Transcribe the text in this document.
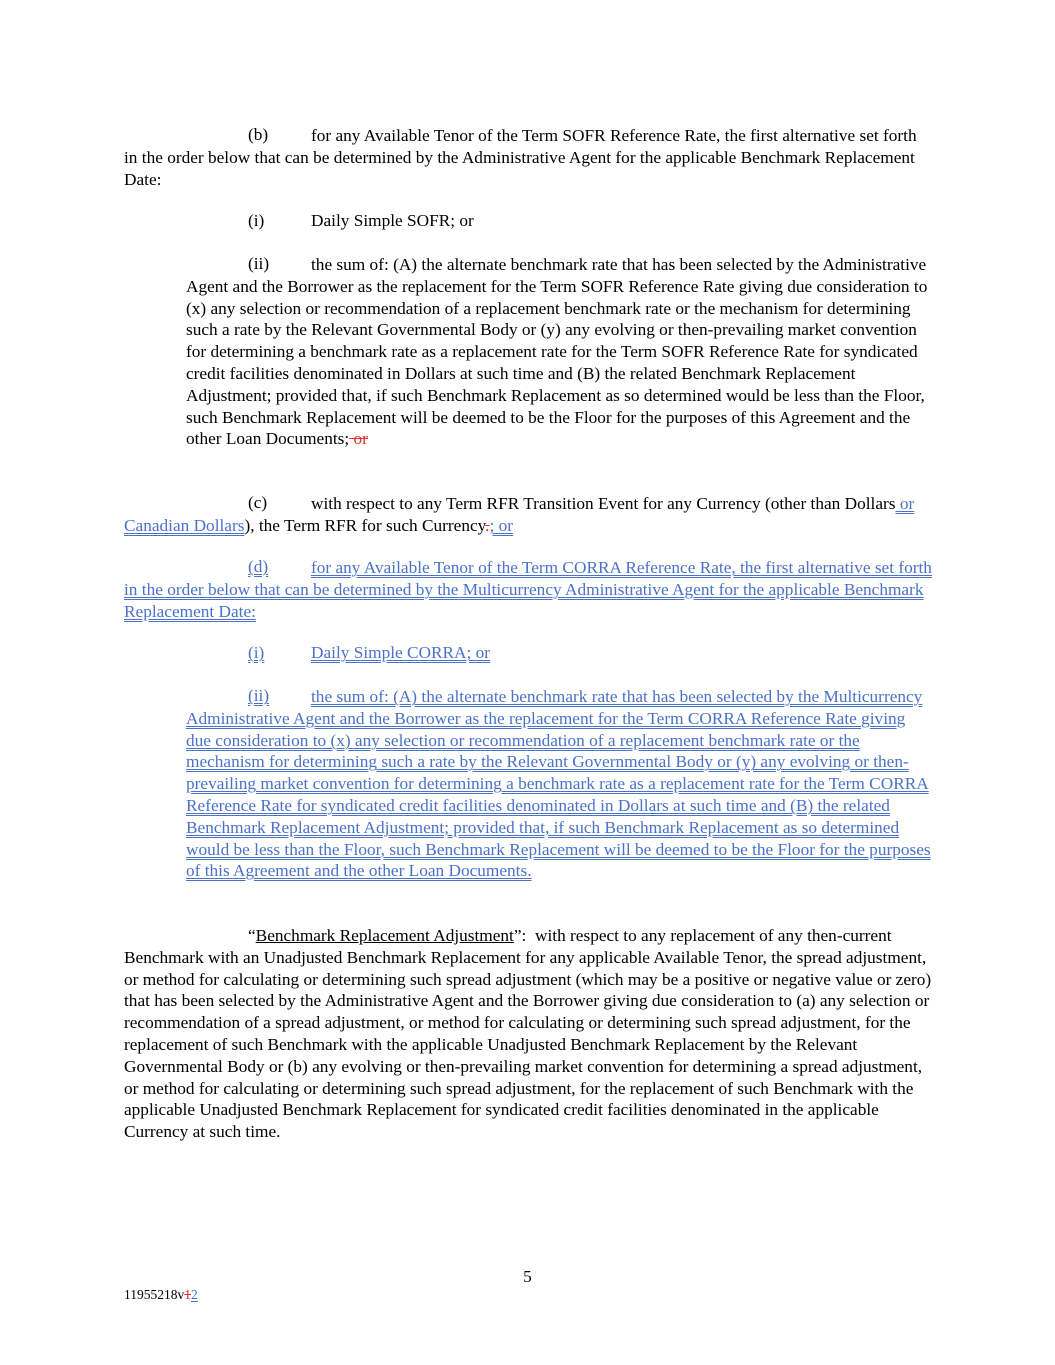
(b)	for any Available Tenor of the Term SOFR Reference Rate, the first alternative set forth in the order below that can be determined by the Administrative Agent for the applicable Benchmark Replacement Date:

(i)	Daily Simple SOFR; or
(ii)	the sum of: (A) the alternate benchmark rate that has been selected by the Administrative Agent and the Borrower as the replacement for the Term SOFR Reference Rate giving due consideration to (x) any selection or recommendation of a replacement benchmark rate or the mechanism for determining such a rate by the Relevant Governmental Body or (y) any evolving or then-prevailing market convention for determining a benchmark rate as a replacement rate for the Term SOFR Reference Rate for syndicated credit facilities denominated in Dollars at such time and (B) the related Benchmark Replacement Adjustment; provided that, if such Benchmark Replacement as so determined would be less than the Floor, such Benchmark Replacement will be deemed to be the Floor for the purposes of this Agreement and the other Loan Documents; or

(c)	with respect to any Term RFR Transition Event for any Currency (other than Dollars or Canadian Dollars), the Term RFR for such Currency.; or

(d)	for any Available Tenor of the Term CORRA Reference Rate, the first alternative set forth in the order below that can be determined by the Multicurrency Administrative Agent for the applicable Benchmark Replacement Date:

(i)	Daily Simple CORRA; or
(ii)	the sum of: (A) the alternate benchmark rate that has been selected by the Multicurrency Administrative Agent and the Borrower as the replacement for the Term CORRA Reference Rate giving due consideration to (x) any selection or recommendation of a replacement benchmark rate or the mechanism for determining such a rate by the Relevant Governmental Body or (y) any evolving or then-prevailing market convention for determining a benchmark rate as a replacement rate for the Term CORRA Reference Rate for syndicated credit facilities denominated in Dollars at such time and (B) the related Benchmark Replacement Adjustment; provided that, if such Benchmark Replacement as so determined would be less than the Floor, such Benchmark Replacement will be deemed to be the Floor for the purposes of this Agreement and the other Loan Documents.

“Benchmark Replacement Adjustment”: with respect to any replacement of any then-current Benchmark with an Unadjusted Benchmark Replacement for any applicable Available Tenor, the spread adjustment, or method for calculating or determining such spread adjustment (which may be a positive or negative value or zero) that has been selected by the Administrative Agent and the Borrower giving due consideration to (a) any selection or recommendation of a spread adjustment, or method for calculating or determining such spread adjustment, for the replacement of such Benchmark with the applicable Unadjusted Benchmark Replacement by the Relevant Governmental Body or (b) any evolving or then-prevailing market convention for determining a spread adjustment, or method for calculating or determining such spread adjustment, for the replacement of such Benchmark with the applicable Unadjusted Benchmark Replacement for syndicated credit facilities denominated in the applicable Currency at such time.

5
11955218v12
